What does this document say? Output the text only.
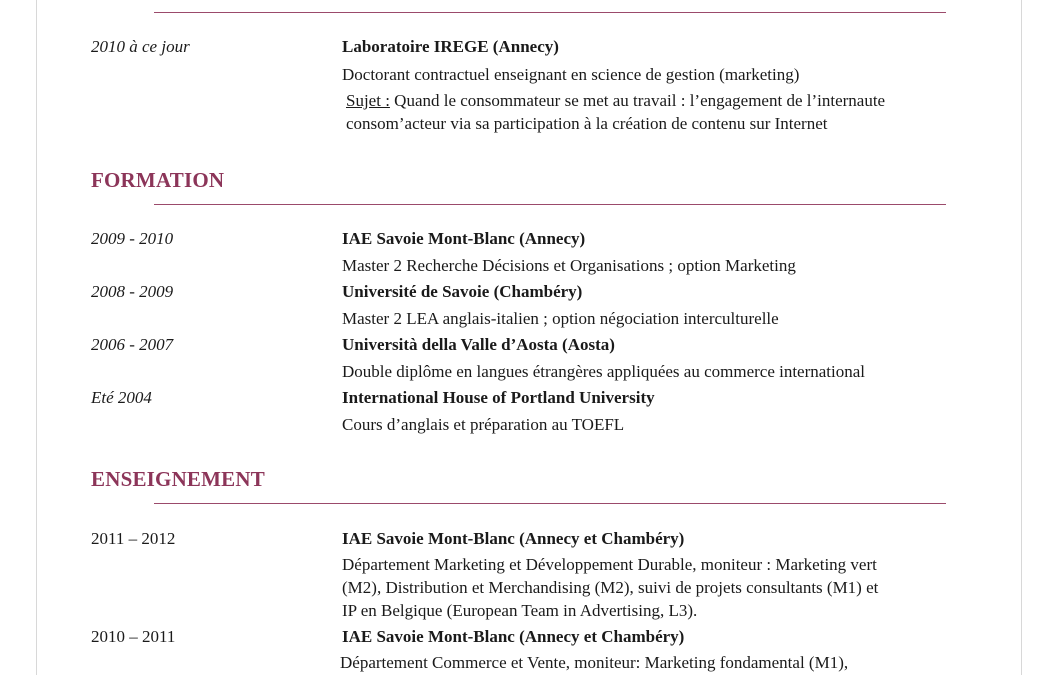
2010 à ce jour	Laboratoire IREGE (Annecy)
Doctorant contractuel enseignant en science de gestion (marketing)
Sujet : Quand le consommateur se met au travail : l’engagement de l’internaute
consom’acteur via sa participation à la création de contenu sur Internet
FORMATION
2009 - 2010	IAE Savoie Mont-Blanc (Annecy)
Master 2 Recherche Décisions et Organisations ; option Marketing
2008 - 2009	Université de Savoie (Chambéry)
Master 2 LEA anglais-italien ; option négociation interculturelle
2006 - 2007	Università della Valle d’Aosta (Aosta)
Double diplôme en langues étrangères appliquées au commerce international
Eté 2004	International House of Portland University
Cours d’anglais et préparation au TOEFL
ENSEIGNEMENT
2011 – 2012	IAE Savoie Mont-Blanc (Annecy et Chambéry)
Département Marketing et Développement Durable, moniteur : Marketing vert
(M2), Distribution et Merchandising (M2), suivi de projets consultants (M1) et
IP en Belgique (European Team in Advertising, L3).
2010 – 2011	IAE Savoie Mont-Blanc (Annecy et Chambéry)
Département Commerce et Vente, moniteur: Marketing fondamental (M1),
